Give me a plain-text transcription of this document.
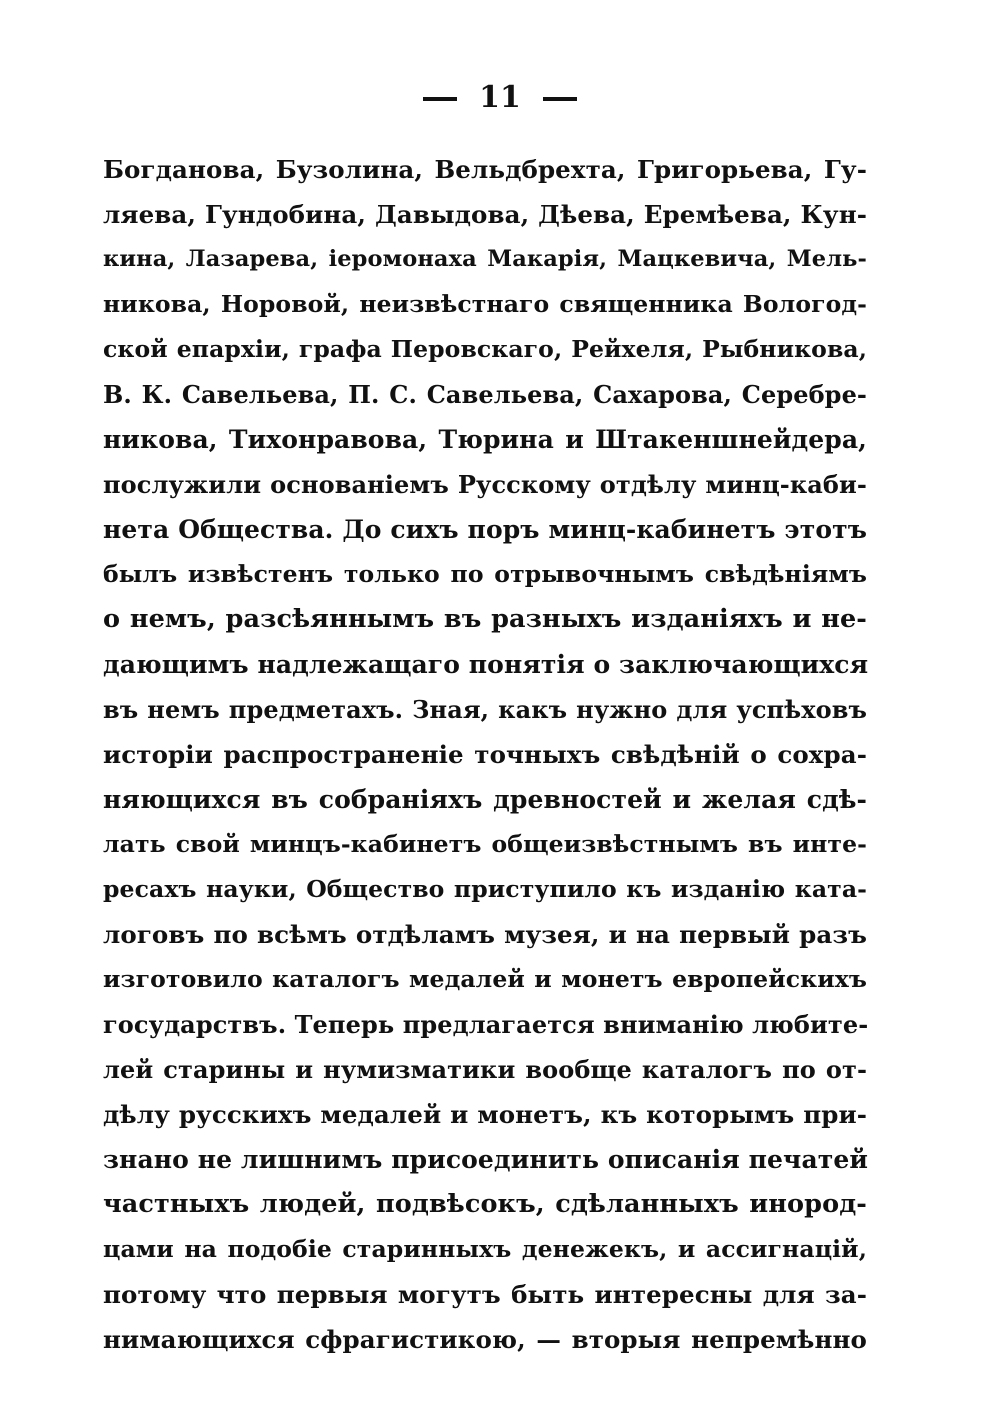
11
Богданова, Бузолина, Вельдбрехта, Григорьева, Гу-
ляева, Гундобина, Давыдова, Дѣева, Еремѣева, Кун-
кина, Лазарева, іеромонаха Макарія, Мацкевича, Мель-
никова, Норовой, неизвѣстнаго священника Вологод-
ской епархіи, графа Перовскаго, Рейхеля, Рыбникова,
В. К. Савельева, П. С. Савельева, Сахарова, Серебре-
никова, Тихонравова, Тюрина и Штакеншнейдера,
послужили основаніемъ Русскому отдѣлу минц-каби-
нета Общества. До сихъ поръ минц-кабинетъ этотъ
былъ извѣстенъ только по отрывочнымъ свѣдѣніямъ
о немъ, разсѣяннымъ въ разныхъ изданіяхъ и не-
дающимъ надлежащаго понятія о заключающихся
въ немъ предметахъ. Зная, какъ нужно для успѣховъ
исторіи распространеніе точныхъ свѣдѣній о сохра-
няющихся въ собраніяхъ древностей и желая сдѣ-
лать свой минцъ-кабинетъ общеизвѣстнымъ въ инте-
ресахъ науки, Общество приступило къ изданію ката-
логовъ по всѣмъ отдѣламъ музея, и на первый разъ
изготовило каталогъ медалей и монетъ европейскихъ
государствъ. Теперь предлагается вниманію любите-
лей старины и нумизматики вообще каталогъ по от-
дѣлу русскихъ медалей и монетъ, къ которымъ при-
знано не лишнимъ присоединить описанія печатей
частныхъ людей, подвѣсокъ, сдѣланныхъ инород-
цами на подобіе старинныхъ денежекъ, и ассигнацій,
потому что первыя могутъ быть интересны для за-
нимающихся сфрагистикою, — вторыя непремѣнно
